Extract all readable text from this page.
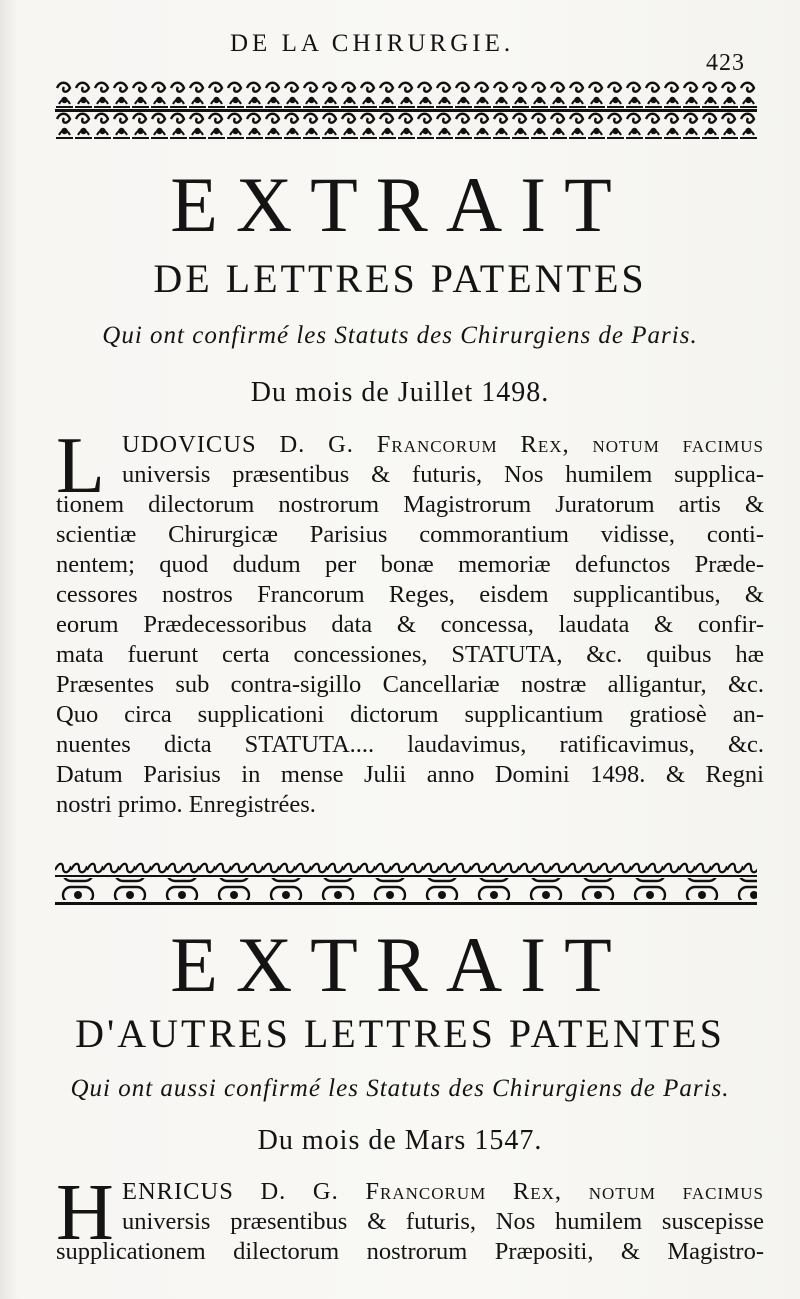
DE LA CHIRURGIE.
423
EXTRAIT
DE LETTRES PATENTES
Qui ont confirmé les Statuts des Chirurgiens de Paris.
Du mois de Juillet 1498.
L UDOVICUS D. G. Francorum Rex, notum facimus
universis præsentibus & futuris, Nos humilem supplica-
tionem dilectorum nostrorum Magistrorum Juratorum artis &
scientiæ Chirurgicæ Parisius commorantium vidisse, conti-
nentem; quod dudum per bonæ memoriæ defunctos Præde-
cessores nostros Francorum Reges, eisdem supplicantibus, &
eorum Prædecessoribus data & concessa, laudata & confir-
mata fuerunt certa concessiones, STATUTA, &c. quibus hæ
Præsentes sub contra-sigillo Cancellariæ nostræ alligantur, &c.
Quo circa supplicationi dictorum supplicantium gratiosè an-
nuentes dicta STATUTA.... laudavimus, ratificavimus, &c.
Datum Parisius in mense Julii anno Domini 1498. & Regni
nostri primo. Enregistrées.
EXTRAIT
D'AUTRES LETTRES PATENTES
Qui ont aussi confirmé les Statuts des Chirurgiens de Paris.
Du mois de Mars 1547.
H ENRICUS D. G. Francorum Rex, notum facimus
universis præsentibus & futuris, Nos humilem suscepisse
supplicationem dilectorum nostrorum Præpositi, & Magistro-
